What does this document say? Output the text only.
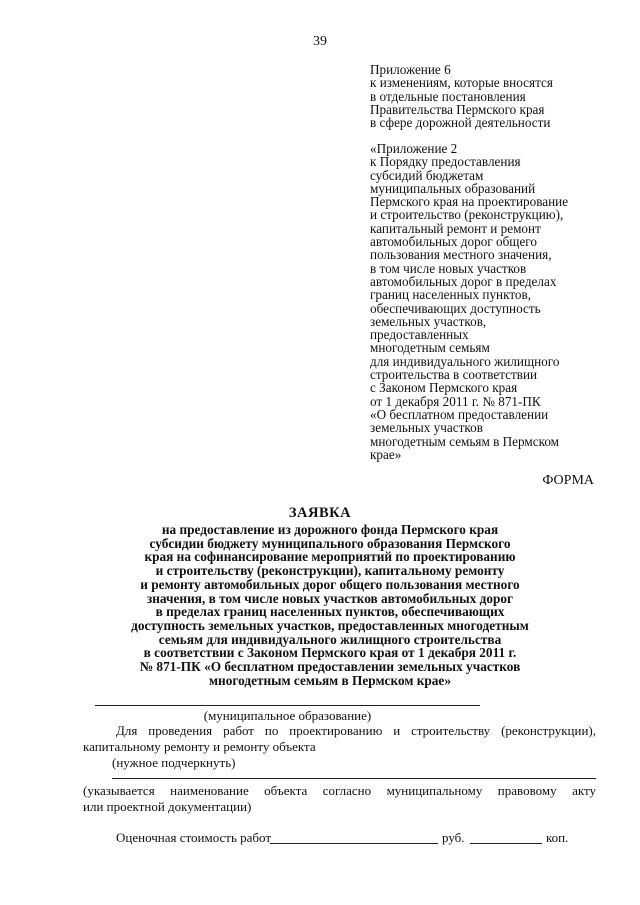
39
Приложение 6
к изменениям, которые вносятся
в отдельные постановления
Правительства Пермского края
в сфере дорожной деятельности
«Приложение 2
к Порядку предоставления
субсидий бюджетам
муниципальных образований
Пермского края на проектирование
и строительство (реконструкцию),
капитальный ремонт и ремонт
автомобильных дорог общего
пользования местного значения,
в том числе новых участков
автомобильных дорог в пределах
границ населенных пунктов,
обеспечивающих доступность
земельных участков,
предоставленных
многодетным семьям
для индивидуального жилищного
строительства в соответствии
с Законом Пермского края
от 1 декабря 2011 г. № 871-ПК
«О бесплатном предоставлении
земельных участков
многодетным семьям в Пермском
крае»
ФОРМА
ЗАЯВКА
на предоставление из дорожного фонда Пермского края
субсидии бюджету муниципального образования Пермского
края на софинансирование мероприятий по проектированию
и строительству (реконструкции), капитальному ремонту
и ремонту автомобильных дорог общего пользования местного
значения, в том числе новых участков автомобильных дорог
в пределах границ населенных пунктов, обеспечивающих
доступность земельных участков, предоставленных многодетным
семьям для индивидуального жилищного строительства
в соответствии с Законом Пермского края от 1 декабря 2011 г.
№ 871-ПК «О бесплатном предоставлении земельных участков
многодетным семьям в Пермском крае»
(муниципальное образование)
Для проведения работ по проектированию и строительству (реконструкции),
капитальному ремонту и ремонту объекта
(нужное подчеркнуть)
(указывается наименование объекта согласно муниципальному правовому акту
или проектной документации)
Оценочная стоимость работ	руб.	коп.
